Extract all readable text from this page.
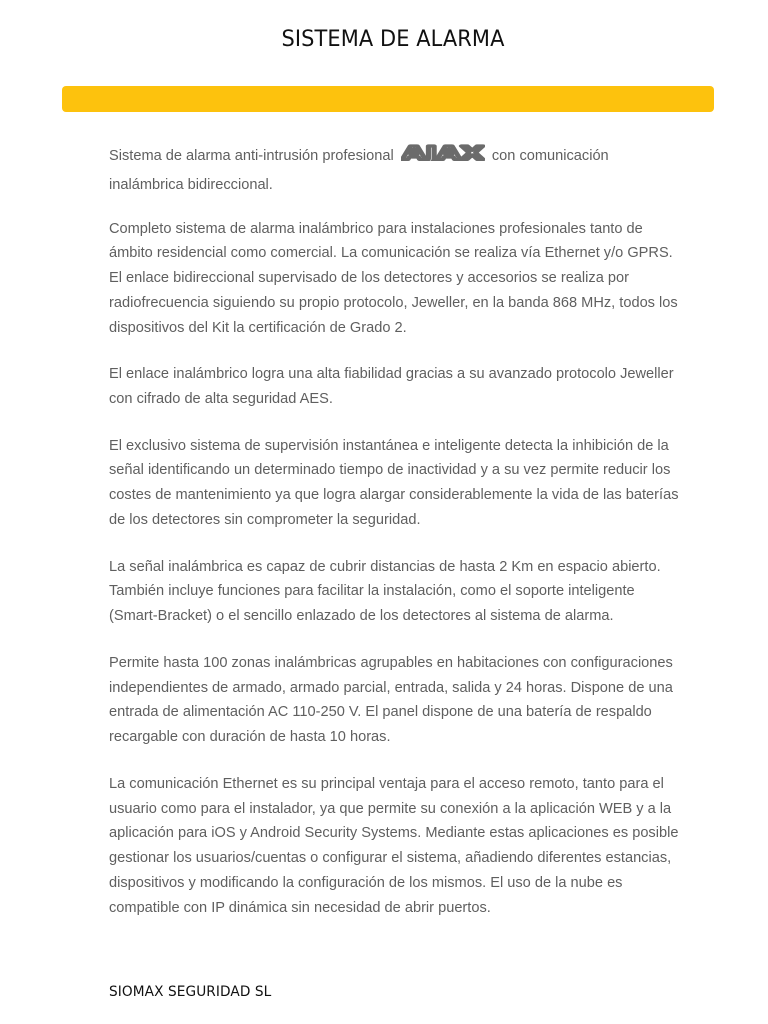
SISTEMA DE ALARMA

Sistema de alarma anti-intrusión profesional AJAX con comunicación inalámbrica bidireccional.

Completo sistema de alarma inalámbrico para instalaciones profesionales tanto de ámbito residencial como comercial. La comunicación se realiza vía Ethernet y/o GPRS. El enlace bidireccional supervisado de los detectores y accesorios se realiza por radiofrecuencia siguiendo su propio protocolo, Jeweller, en la banda 868 MHz, todos los dispositivos del Kit la certificación de Grado 2.

El enlace inalámbrico logra una alta fiabilidad gracias a su avanzado protocolo Jeweller con cifrado de alta seguridad AES.

El exclusivo sistema de supervisión instantánea e inteligente detecta la inhibición de la señal identificando un determinado tiempo de inactividad y a su vez permite reducir los costes de mantenimiento ya que logra alargar considerablemente la vida de las baterías de los detectores sin comprometer la seguridad.

La señal inalámbrica es capaz de cubrir distancias de hasta 2 Km en espacio abierto. También incluye funciones para facilitar la instalación, como el soporte inteligente (Smart-Bracket) o el sencillo enlazado de los detectores al sistema de alarma.

Permite hasta 100 zonas inalámbricas agrupables en habitaciones con configuraciones independientes de armado, armado parcial, entrada, salida y 24 horas. Dispone de una entrada de alimentación AC 110-250 V. El panel dispone de una batería de respaldo recargable con duración de hasta 10 horas.

La comunicación Ethernet es su principal ventaja para el acceso remoto, tanto para el usuario como para el instalador, ya que permite su conexión a la aplicación WEB y a la aplicación para iOS y Android Security Systems. Mediante estas aplicaciones es posible gestionar los usuarios/cuentas o configurar el sistema, añadiendo diferentes estancias, dispositivos y modificando la configuración de los mismos. El uso de la nube es compatible con IP dinámica sin necesidad de abrir puertos.

SIOMAX SEGURIDAD SL
